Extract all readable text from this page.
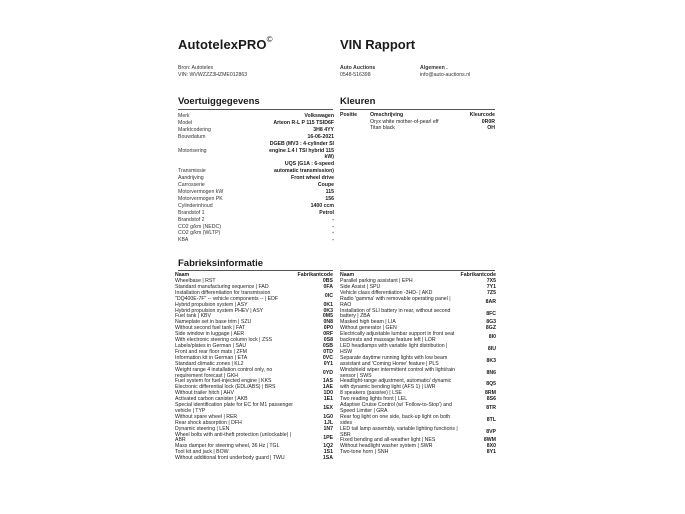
AutotelexPRO©	VIN Rapport
Bron: Autotelex
VIN: WVWZZZ3HZME012863
Auto Auctions
0548-516398
Algemeen .
info@auto-auctions.nl
Voertuiggegevens
Merk	Volkswagen
Model	Arteon R-L P 115 TSID6F
Marktcodering	3H8 4YY
Bouwdatum	16-06-2021
DGEB (MV3 : 4-cylinder SI
Motorisering	engine 1.4 l TSI hybrid 115
kW)
UQS (G1A : 6-speed
Transmissie	automatic transmission)
Aandrijving	Front wheel drive
Carrosserie	Coupe
Motorvermogen kW	115
Motorvermogen PK	156
Cylinderinhoud	1400 ccm
Brandstof 1	Petrol
Brandstof 2	-
CO2 g/km (NEDC)	-
CO2 g/km (WLTP)	-
KBA	-
Kleuren
Positie Omschrijving	Kleurcode
Oryx white mother-of-pearl eff	0R0R
Titan black	OH
Fabrieksinformatie
Naam	Fabrikantcode
Wheelbase | RST	0BS
Standard manufacturing sequence | FAD	0FA
Installation differentiation for transmission "DQ400E-7F" -- vehicle components -- | EDF	0IC
Hybrid propulsion system | ASY	0K1
Hybrid propulsion system PHEV | ASY	0K3
Fuel tank | KBV	0M5
Nameplate set in base trim | SZU	0N8
Without second fuel tank | FAT	0P0
Side window in luggage | AER	0RF
With electronic steering column lock | ZSS	0S8
Labels/plates in German | SAU	0SB
Front and rear floor mats | ZFM	0TD
Information kit in German | ETA	0VC
Standard climatic zones | KL2	0Y1
Weight range 4 installation control only, no requirement forecast | GKH	0YD
Fuel system for fuel-injected engine | KKS	1AS
Electronic differential lock (EDL/ABS) | BRS	1AE
Without trailer hitch | AHV	1D0
Activated carbon canister | AKB	1E1
Special identification plate for EC for M1 passenger vehicle | TYP	1EX
Without spare wheel | RER	1G0
Rear shock absorption | DFH	1JL
Dynamic steering | LEN	1N7
Wheel bolts with anti-theft protection (unlockable) | ABR	1PE
Mass damper for steering wheel, 36 Hz | TGL	1Q2
Tool kit and jack | BOW	1S1
Without additional front underbody guard | TWU	1SA
Naam	Fabrikantcode
Parallel parking assistant | EPH	7X5
Side Assist | SPU	7Y1
Vehicle class differentiation -3HD- | AKD	7Z5
Radio 'gamma' with removable operating panel | RAO	8AR
Installation of SLI battery in rear, without second battery | ZBA	8FC
Masked high beam | LIA	8G3
Without generator | GEN	8GZ
Electrically adjustable lumbar support in front seat backrests and massage feature left | LOR	8I0
LED headlamps with variable light distribution | HSW	8IU
Separate daytime running lights with low beam assistant and 'Coming Home' feature | PLS	8K3
Windshield wiper intermittent control with light/rain sensor | SWS	8N6
Headlight-range adjustment, automatic/ dynamic with dynamic bending light (AFS 1) | LWR	8Q5
8 speakers (passive) | LSE	8RM
Two reading lights front | LEL	8S6
Adaptive Cruise Control (w/ 'Follow-to-Stop') and Speed Limiter | GRA	8TR
Rear fog light on one side, back-up light on both sides	8TL
LED tail lamp assembly, variable lighting functions | SBR	8VP
Fixed bending and all-weather light | NES	8WM
Without headlight washer system | SWR	8X0
Two-tone horn | SNH	8Y1
